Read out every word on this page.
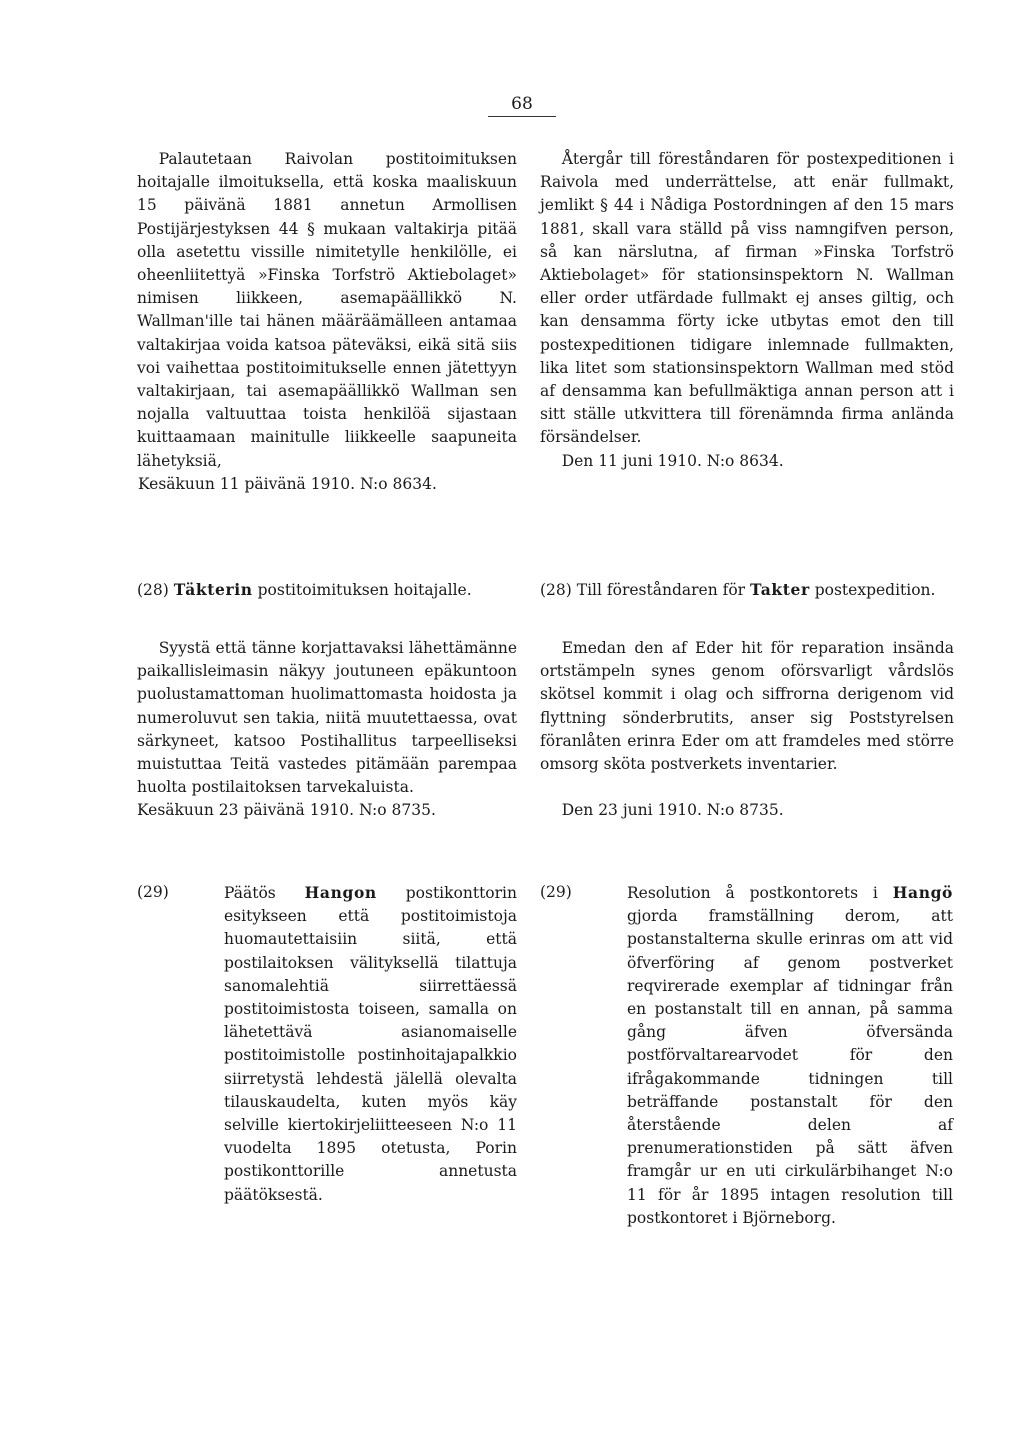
68

Palautetaan Raivolan postitoimituksen hoitajalle ilmoituksella, että koska maaliskuun 15 päivänä 1881 annetun Armollisen Postijärjestyksen 44 § mukaan valtakirja pitää olla asetettu vissille nimitetylle henkilölle, ei oheenliitettyä »Finska Torfströ Aktiebolaget» nimisen liikkeen, asemapäällikkö N. Wallman'ille tai hänen määräämälleen antamaa valtakirjaa voida katsoa päteväksi, eikä sitä siis voi vaihettaa postitoimitukselle ennen jätettyyn valtakirjaan, tai asemapäällikkö Wallman sen nojalla valtuuttaa toista henkilöä sijastaan kuittaamaan mainitulle liikkeelle saapuneita lähetyksiä,

Kesäkuun 11 päivänä 1910. N:o 8634.

(28) Täkterin postitoimituksen hoitajalle.

Syystä että tänne korjattavaksi lähettämänne paikallisleimasin näkyy joutuneen epäkuntoon puolustamattoman huolimattomasta hoidosta ja numeroluvut sen takia, niitä muutettaessa, ovat särkyneet, katsoo Postihallitus tarpeelliseksi muistuttaa Teitä vastedes pitämään parempaa huolta postilaitoksen tarvekaluista.

Kesäkuun 23 päivänä 1910. N:o 8735.

(29)	Päätös Hangon postikonttorin esitykseen että postitoimistoja huomautettaisiin siitä, että postilaitoksen välityksellä tilattuja sanomalehtiä siirrettäessä postitoimistosta toiseen, samalla on lähetettävä asianomaiselle postitoimistolle postinhoitajapalkkio siirretystä lehdestä jälellä olevalta tilauskaudelta, kuten myös käy selville kiertokirjeliitteeseen N:o 11 vuodelta 1895 otetusta, Porin postikonttorille annetusta päätöksestä.

Återgår till föreståndaren för postexpeditionen i Raivola med underrättelse, att enär fullmakt, jemlikt § 44 i Nådiga Postordningen af den 15 mars 1881, skall vara ställd på viss namngifven person, så kan närslutna, af firman »Finska Torfströ Aktiebolaget» för stationsinspektorn N. Wallman eller order utfärdade fullmakt ej anses giltig, och kan densamma förty icke utbytas emot den till postexpeditionen tidigare inlemnade fullmakten, lika litet som stationsinspektorn Wallman med stöd af densamma kan befullmäktiga annan person att i sitt ställe utkvittera till förenämnda firma anlända försändelser.

Den 11 juni 1910. N:o 8634.

(28) Till föreståndaren för Takter postexpedition.

Emedan den af Eder hit för reparation insända ortstämpeln synes genom oförsvarligt vårdslös skötsel kommit i olag och siffrorna derigenom vid flyttning sönderbrutits, anser sig Poststyrelsen föranlåten erinra Eder om att framdeles med större omsorg sköta postverkets inventarier.

Den 23 juni 1910. N:o 8735.

(29)	Resolution å postkontorets i Hangö gjorda framställning derom, att postanstalterna skulle erinras om att vid öfverföring af genom postverket reqvirerade exemplar af tidningar från en postanstalt till en annan, på samma gång äfven öfversända postförvaltarearvodet för den ifrågakommande tidningen till beträffande postanstalt för den återstående delen af prenumerationstiden på sätt äfven framgår ur en uti cirkulärbihanget N:o 11 för år 1895 intagen resolution till postkontoret i Björneborg.
